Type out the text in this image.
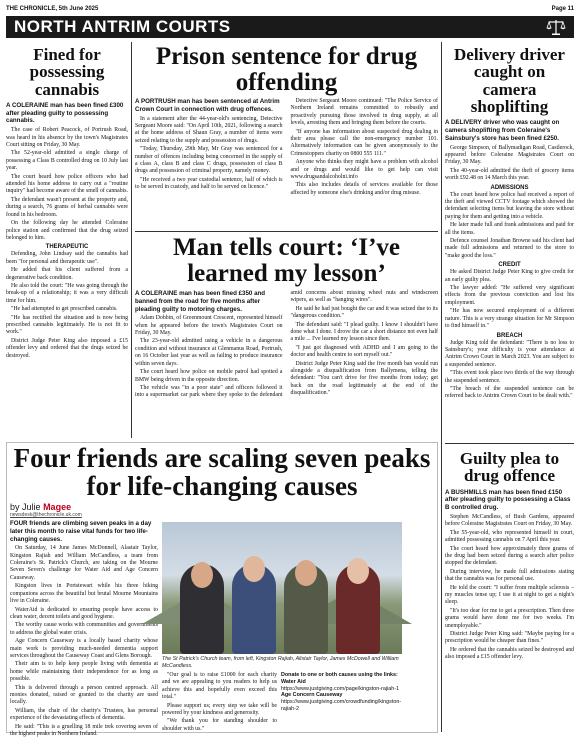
THE CHRONICLE, 5th June 2025	Page 11
NORTH ANTRIM COURTS
Fined for possessing cannabis
A COLERAINE man has been fined £300 after pleading guilty to possessing cannabis.
The case of Robert Peacock, of Portrush Road, was heard in his absence by the town's Magistrates Court sitting on Friday, 30 May.
The 52-year-old admitted a single charge of possessing a Class B controlled drug on 10 July last year.
The court heard how police officers who had attended his home address to carry out a "routine inquiry" had become aware of the smell of cannabis.
The defendant wasn't present at the property and, during a search, 76 grams of herbal cannabis were found in his bedroom.
On the following day he attended Coleraine police station and confirmed that the drug seized belonged to him.
THERAPEUTIC
Defending, John Lindsay said the cannabis had been "for personal and therapeutic use".
He added that his client suffered from a degenerative back condition.
He also told the court: "He was going through the break-up of a relationship; it was a very difficult time for him.
"He had attempted to get prescribed cannabis.
"He has rectified the situation and is now being prescribed cannabis legitimately. He is not fit to work."
District Judge Peter King also imposed a £15 offender levy and ordered that the drugs seized be destroyed.
Prison sentence for drug offending
A PORTRUSH man has been sentenced at Antrim Crown Court in connection with drug offences.
In a statement after the 44-year-old's sentencing, Detective Sergeant Moore said: "On April 10th, 2021, following a search at the home address of Shaun Gray, a number of items were seized relating to the supply and possession of drugs.
"Today, Thursday, 29th May, Mr Gray was sentenced for a number of offences including being concerned in the supply of a class A, class B and class C drugs, possession of class B drugs and possession of criminal property, namely money.
"He received a two year custodial sentence, half of which is to be served in custody, and half to be served on licence."
Detective Sergeant Moore continued: "The Police Service of Northern Ireland remains committed to robustly and proactively pursuing those involved in drug supply, at all levels, arresting them and bringing them before the courts.
"If anyone has information about suspected drug dealing in their area please call the non-emergency number 101. Alternatively information can be given anonymously to the Crimestoppers charity on 0800 555 111."
Anyone who thinks they might have a problem with alcohol and or drugs and would like to get help can visit www.drugsandalcoholni.info
This also includes details of services available for those affected by someone else's drinking and/or drug misuse.
Man tells court: ‘I’ve learned my lesson’
A COLERAINE man has been fined £350 and banned from the road for five months after pleading guilty to motoring charges.
Adam Dobbin, of Greenmount Crescent, represented himself when he appeared before the town's Magistrates Court on Friday, 30 May.
The 23-year-old admitted using a vehicle in a dangerous condition and without insurance at Glenmanus Road, Portrush, on 16 October last year as well as failing to produce insurance within seven days.
The court heard how police on mobile patrol had spotted a BMW being driven in the opposite direction.
The vehicle was "in a poor state" and officers followed it into a supermarket car park where they spoke to the defendant amid concerns about missing wheel nuts and windscreen wipers, as well as "hanging wires".
He said he had just bought the car and it was seized due to its "dangerous condition."
The defendant said: "I plead guilty. I know I shouldn't have done what I done. I drove the car a short distance not even half a mile ... I've learned my lesson since then.
"I just got diagnosed with ADHD and I am going to the doctor and health centre to sort myself out."
District Judge Peter King said the five month ban would run alongside a disqualification from Ballymena, telling the defendant: "You can't drive for five months from today; get back on the road legitimately at the end of the disqualification."
Delivery driver caught on camera shoplifting
A DELIVERY driver who was caught on camera shoplifting from Coleraine's Sainsbury's store has been fined £250.
George Simpson, of Ballymadigan Road, Castlerock, appeared before Coleraine Magistrates Court on Friday, 30 May.
The 40-year-old admitted the theft of grocery items worth £92.48 on 14 March this year.
ADMISSIONS
The court heard how police had received a report of the theft and viewed CCTV footage which showed the defendant selecting items but leaving the store without paying for them and getting into a vehicle.
He later made full and frank admissions and paid for all the items.
Defence counsel Jonathan Browne said his client had made full admissions and returned to the store to "make good the loss."
CREDIT
He asked District Judge Peter King to give credit for an early guilty plea.
The lawyer added: "He suffered very significant effects from the previous conviction and lost his employment.
"He has now secured employment of a different nature. This is a very strange situation for Mr Simpson to find himself in."
BREACH
Judge King told the defendant: "There is no loss to Sainsbury's; your difficulty is your attendance at Antrim Crown Court in March 2023. You are subject to a suspended sentence.
"This event took place two thirds of the way through the suspended sentence.
"The breach of the suspended sentence can be referred back to Antrim Crown Court to be dealt with."
Guilty plea to drug offence
A BUSHMILLS man has been fined £150 after pleading guilty to possessing a Class B controlled drug.
Stephen McCandless, of Bush Gardens, appeared before Coleraine Magistrates Court on Friday, 30 May.
The 55-year-old, who represented himself in court, admitted possessing cannabis on 7 April this year.
The court heard how approximately three grams of the drug had been seized during a search after police stopped the defendant.
During interview, he made full admissions stating that the cannabis was for personal use.
He told the court: "I suffer from multiple sclerosis – my muscles tense up; I use it at night to get a night's sleep.
"It's too dear for me to get a prescription. Then three grams would have done me for two weeks. I'm unemployable."
District Judge Peter King said: "Maybe paying for a prescription would be cheaper than fines."
He ordered that the cannabis seized be destroyed and also imposed a £15 offender levy.
Four friends are scaling seven peaks for life-changing causes
by Julie Magee
newsdesk@thechronicle.uk.com
FOUR friends are climbing seven peaks in a day later this month to raise vital funds for two life-changing causes.
On Saturday, 14 June James McDonnell, Alastair Taylor, Kingston Rajiah and William McCandless, a team from Coleraine's St. Patrick's Church, are taking on the Mourne Seven Seven's challenge for Water Aid and Age Concern Causeway.
Kingston lives in Portstewart while his three hiking companions across the beautiful but brutal Mourne Mountains live in Coleraine.
WaterAid is dedicated to ensuring people have access to clean water, decent toilets and good hygiene.
The worthy cause works with communities and governments to address the global water crisis.
Age Concern Causeway is a locally based charity whose main work is providing much-needed dementia support services throughout the Causeway Coast and Glens Borough.
Their aim is to help keep people living with dementia at home while maintaining their independence for as long as possible.
This is delivered through a person centred approach. All monies donated, raised or granted to the charity are used locally.
William, the chair of the charity's Trustees, has personal experience of the devastating effects of dementia.
He said: "This is a gruelling 18 mile trek covering seven of the highest peaks in Northern Ireland.
The St Patrick's Church team, from left, Kingston Rajiah, Alistair Taylor, James McDowell and William McCandless.
"Our goal is to raise £1000 for each charity and we are appealing to you readers to help us achieve this and hopefully even exceed this total."
Please support us; every step we take will be powered by your kindness and generosity.
"We thank you for standing shoulder to shoulder with us."
Donate to one or both causes using the links:
Water Aid
https://www.justgiving.com/page/kingston-rajiah-1
Age Concern Causeway
https://www.justgiving.com/crowdfunding/kingston-rajiah-2
